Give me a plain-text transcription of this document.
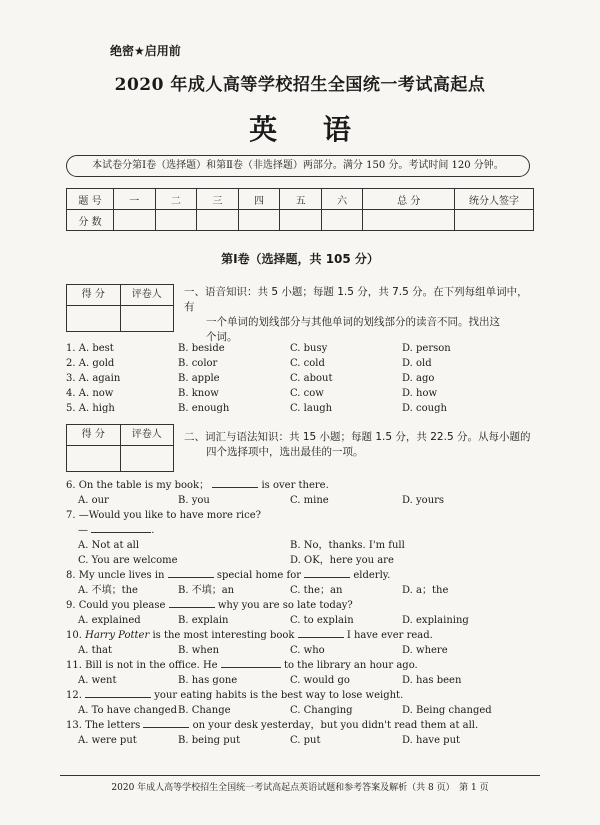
绝密★启用前
2020 年成人高等学校招生全国统一考试高起点
英 语
本试卷分第Ⅰ卷（选择题）和第Ⅱ卷（非选择题）两部分。满分 150 分。考试时间 120 分钟。
题 号	一	二	三	四	五	六	总 分	统分人签字
分 数								
第Ⅰ卷（选择题，共 105 分）
得 分	评卷人	一、语音知识：共 5 小题；每题 1.5 分，共 7.5 分。在下列每组单词中，有
一个单词的划线部分与其他单词的划线部分的读音不同。找出这
个词。
1. A. best	B. beside	C. busy	D. person
2. A. gold	B. color	C. cold	D. old
3. A. again	B. apple	C. about	D. ago
4. A. now	B. know	C. cow	D. how
5. A. high	B. enough	C. laugh	D. cough
得 分	评卷人	二、词汇与语法知识：共 15 小题；每题 1.5 分，共 22.5 分。从每小题的
四个选择项中，选出最佳的一项。
6. On the table is my book；	is over there.
A. our	B. you	C. mine	D. yours
7. —Would you like to have more rice?
—	.
A. Not at all	B. No，thanks. I'm full
C. You are welcome	D. OK，here you are
8. My uncle lives in	special home for	elderly.
A. 不填；the	B. 不填；an	C. the；an	D. a；the
9. Could you please	why you are so late today?
A. explained	B. explain	C. to explain	D. explaining
10. Harry Potter is the most interesting book	I have ever read.
A. that	B. when	C. who	D. where
11. Bill is not in the office. He	to the library an hour ago.
A. went	B. has gone	C. would go	D. has been
12.	your eating habits is the best way to lose weight.
A. To have changed B. Change	C. Changing	D. Being changed
13. The letters	on your desk yesterday，but you didn't read them at all.
A. were put	B. being put	C. put	D. have put
2020 年成人高等学校招生全国统一考试高起点英语试题和参考答案及解析（共 8 页）　第 1 页
